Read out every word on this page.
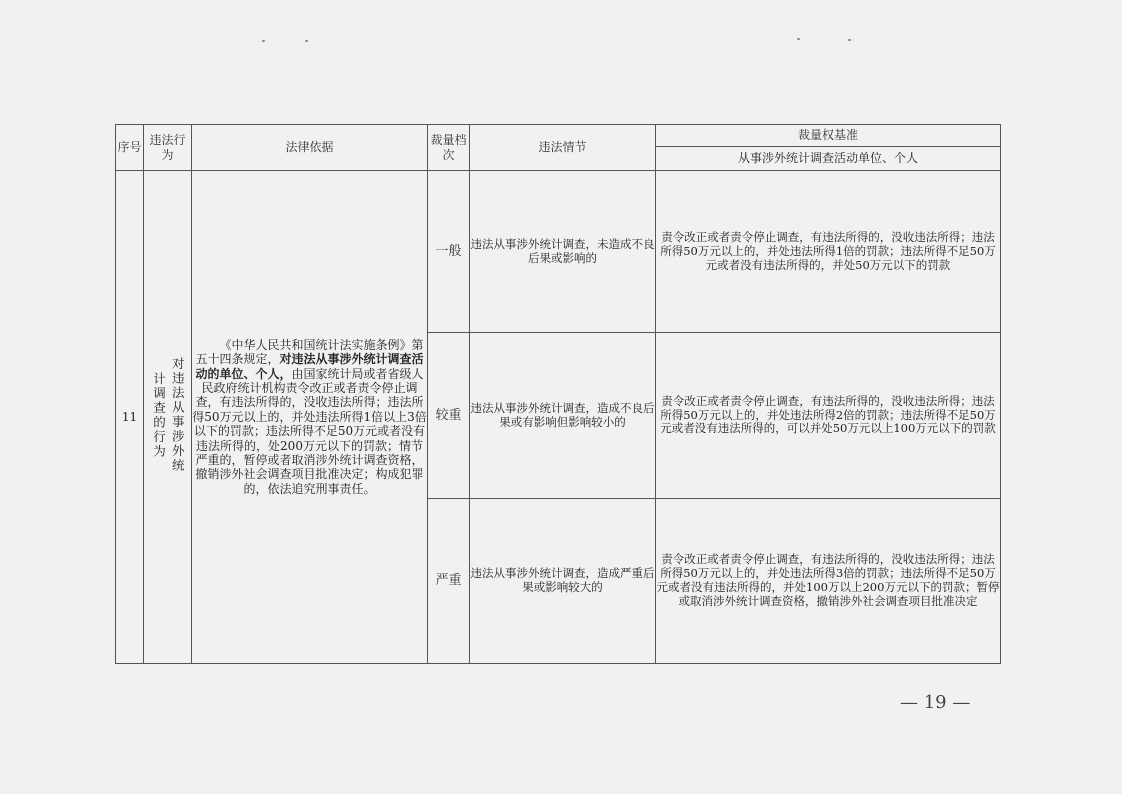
序号	违法行为	法律依据	裁量档次	违法情节	裁量权基准
					从事涉外统计调查活动单位、个人
11	对违法从事涉外统计调查的行为	《中华人民共和国统计法实施条例》第五十四条规定，对违法从事涉外统计调查活动的单位、个人，由国家统计局或者省级人民政府统计机构责令改正或者责令停止调查，有违法所得的，没收违法所得；违法所得50万元以上的，并处违法所得1倍以上3倍以下的罚款；违法所得不足50万元或者没有违法所得的，处200万元以下的罚款；情节严重的，暂停或者取消涉外统计调查资格，撤销涉外社会调查项目批准决定；构成犯罪的，依法追究刑事责任。	一般	违法从事涉外统计调查，未造成不良后果或影响的	责令改正或者责令停止调查，有违法所得的，没收违法所得；违法所得50万元以上的，并处违法所得1倍的罚款；违法所得不足50万元或者没有违法所得的，并处50万元以下的罚款
			较重	违法从事涉外统计调查，造成不良后果或有影响但影响较小的	责令改正或者责令停止调查，有违法所得的，没收违法所得；违法所得50万元以上的，并处违法所得2倍的罚款；违法所得不足50万元或者没有违法所得的，可以并处50万元以上100万元以下的罚款
			严重	违法从事涉外统计调查，造成严重后果或影响较大的	责令改正或者责令停止调查，有违法所得的，没收违法所得；违法所得50万元以上的，并处违法所得3倍的罚款；违法所得不足50万元或者没有违法所得的，并处100万以上200万元以下的罚款；暂停或取消涉外统计调查资格，撤销涉外社会调查项目批准决定
— 19 —
